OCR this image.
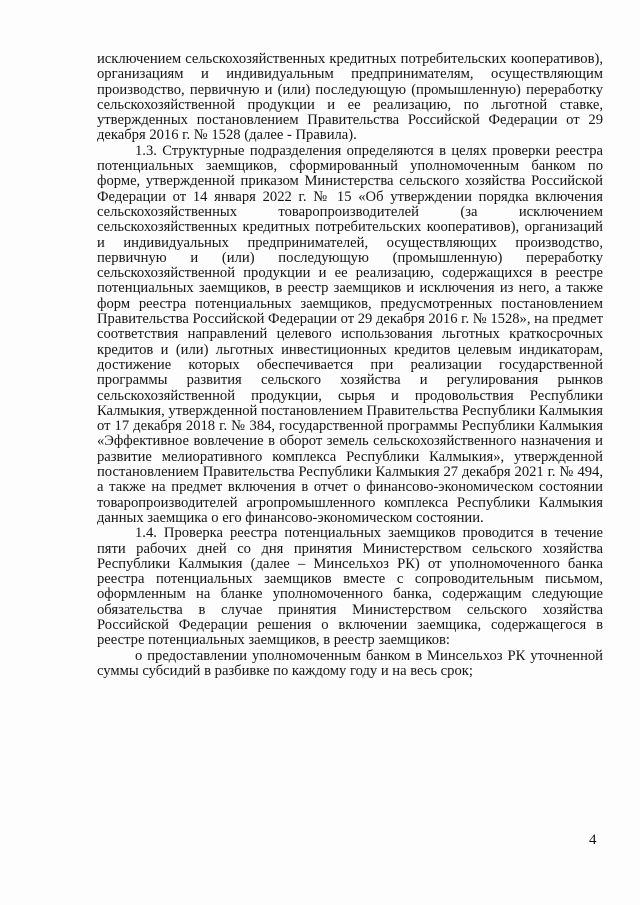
исключением сельскохозяйственных кредитных потребительских кооперативов), организациям и индивидуальным предпринимателям, осуществляющим производство, первичную и (или) последующую (промышленную) переработку сельскохозяйственной продукции и ее реализацию, по льготной ставке, утвержденных постановлением Правительства Российской Федерации от 29 декабря 2016 г. № 1528 (далее - Правила).

1.3. Структурные подразделения определяются в целях проверки реестра потенциальных заемщиков, сформированный уполномоченным банком по форме, утвержденной приказом Министерства сельского хозяйства Российской Федерации от 14 января 2022 г. № 15 «Об утверждении порядка включения сельскохозяйственных товаропроизводителей (за исключением сельскохозяйственных кредитных потребительских кооперативов), организаций и индивидуальных предпринимателей, осуществляющих производство, первичную и (или) последующую (промышленную) переработку сельскохозяйственной продукции и ее реализацию, содержащихся в реестре потенциальных заемщиков, в реестр заемщиков и исключения из него, а также форм реестра потенциальных заемщиков, предусмотренных постановлением Правительства Российской Федерации от 29 декабря 2016 г. № 1528», на предмет соответствия направлений целевого использования льготных краткосрочных кредитов и (или) льготных инвестиционных кредитов целевым индикаторам, достижение которых обеспечивается при реализации государственной программы развития сельского хозяйства и регулирования рынков сельскохозяйственной продукции, сырья и продовольствия Республики Калмыкия, утвержденной постановлением Правительства Республики Калмыкия от 17 декабря 2018 г. № 384, государственной программы Республики Калмыкия «Эффективное вовлечение в оборот земель сельскохозяйственного назначения и развитие мелиоративного комплекса Республики Калмыкия», утвержденной постановлением Правительства Республики Калмыкия 27 декабря 2021 г. № 494, а также на предмет включения в отчет о финансово-экономическом состоянии товаропроизводителей агропромышленного комплекса Республики Калмыкия данных заемщика о его финансово-экономическом состоянии.

1.4. Проверка реестра потенциальных заемщиков проводится в течение пяти рабочих дней со дня принятия Министерством сельского хозяйства Республики Калмыкия (далее – Минсельхоз РК) от уполномоченного банка реестра потенциальных заемщиков вместе с сопроводительным письмом, оформленным на бланке уполномоченного банка, содержащим следующие обязательства в случае принятия Министерством сельского хозяйства Российской Федерации решения о включении заемщика, содержащегося в реестре потенциальных заемщиков, в реестр заемщиков:

о предоставлении уполномоченным банком в Минсельхоз РК уточненной суммы субсидий в разбивке по каждому году и на весь срок;

4
